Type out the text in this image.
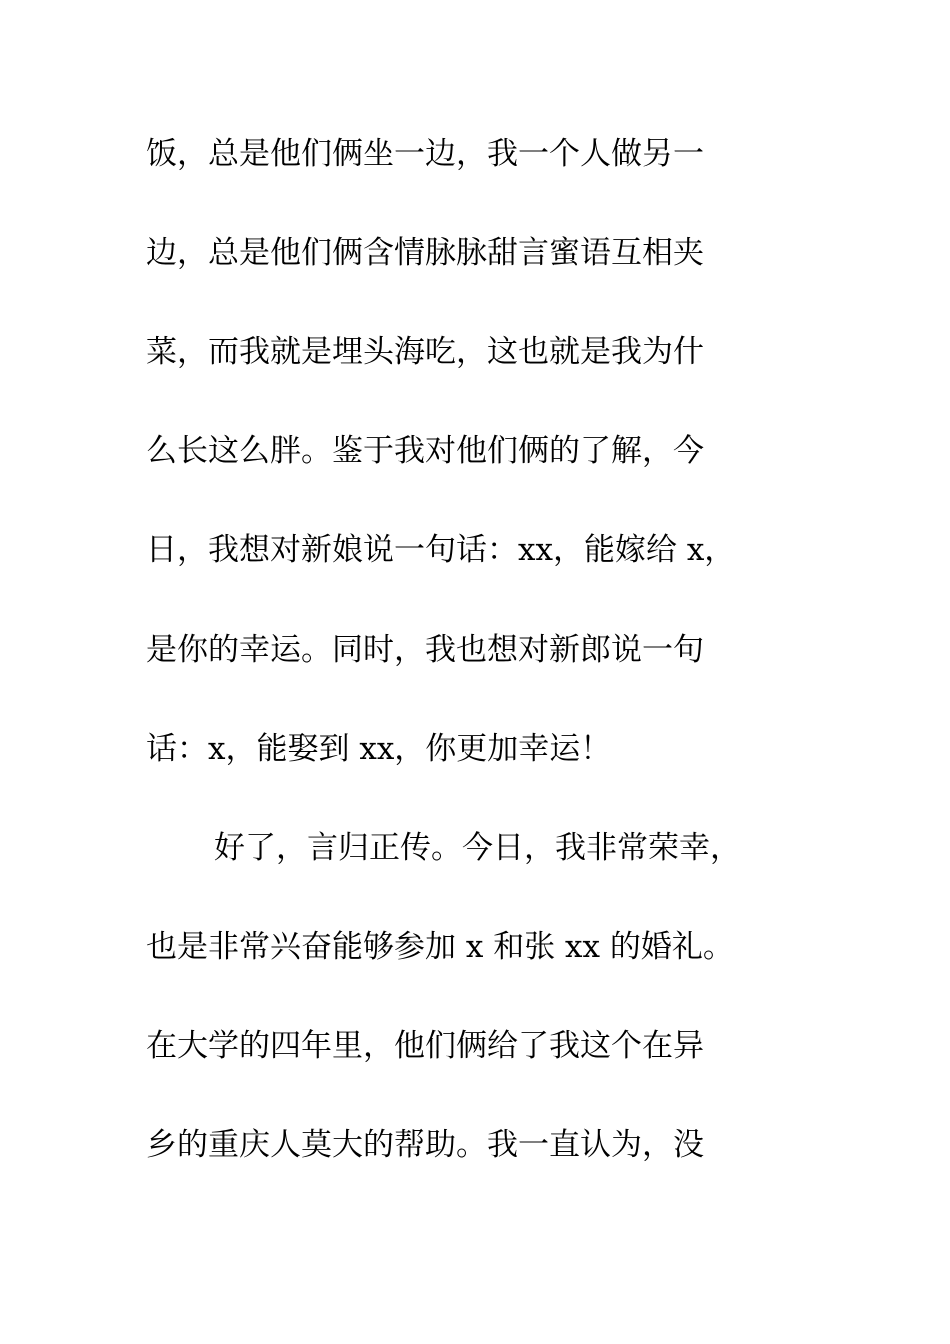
饭，总是他们俩坐一边，我一个人做另一
边，总是他们俩含情脉脉甜言蜜语互相夹
菜，而我就是埋头海吃，这也就是我为什
么长这么胖。鉴于我对他们俩的了解，今
日，我想对新娘说一句话：xx，能嫁给 x，
是你的幸运。同时，我也想对新郎说一句
话：x，能娶到 xx，你更加幸运！
好了，言归正传。今日，我非常荣幸，
也是非常兴奋能够参加 x 和张 xx 的婚礼。
在大学的四年里，他们俩给了我这个在异
乡的重庆人莫大的帮助。我一直认为，没
